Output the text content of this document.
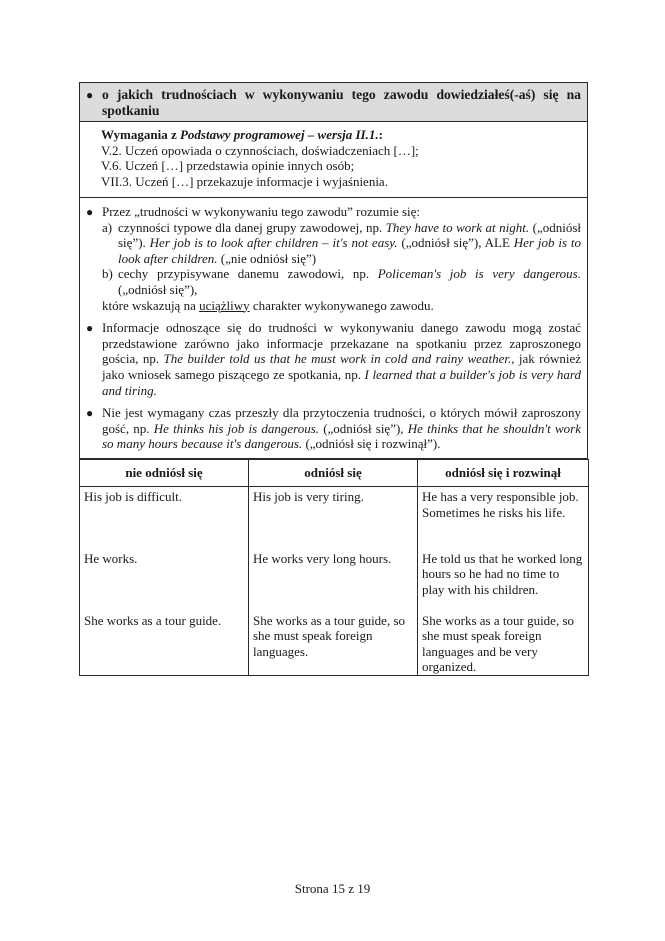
● o jakich trudnościach w wykonywaniu tego zawodu dowiedziałeś(-aś) się na
spotkaniu
Wymagania z Podstawy programowej – wersja II.1.:
V.2. Uczeń opowiada o czynnościach, doświadczeniach […];
V.6. Uczeń […] przedstawia opinie innych osób;
VII.3. Uczeń […] przekazuje informacje i wyjaśnienia.
● Przez „trudności w wykonywaniu tego zawodu” rozumie się:
a) czynności typowe dla danej grupy zawodowej, np. They have to work at night. („odniósł się”). Her job is to look after children – it's not easy. („odniósł się”), ALE Her job is to look after children. („nie odniósł się”)
b) cechy przypisywane danemu zawodowi, np. Policeman's job is very dangerous. („odniósł się”),
które wskazują na uciążliwy charakter wykonywanego zawodu.
● Informacje odnoszące się do trudności w wykonywaniu danego zawodu mogą zostać przedstawione zarówno jako informacje przekazane na spotkaniu przez zaproszonego gościa, np. The builder told us that he must work in cold and rainy weather., jak również jako wniosek samego piszącego ze spotkania, np. I learned that a builder's job is very hard and tiring.
● Nie jest wymagany czas przeszły dla przytoczenia trudności, o których mówił zaproszony gość, np. He thinks his job is dangerous. („odniósł się”), He thinks that he shouldn't work so many hours because it's dangerous. („odniósł się i rozwinął”).
nie odniósł się	odniósł się	odniósł się i rozwinął
His job is difficult.	His job is very tiring.	He has a very responsible job. Sometimes he risks his life.
He works.	He works very long hours.	He told us that he worked long hours so he had no time to play with his children.
She works as a tour guide.	She works as a tour guide, so she must speak foreign languages.	She works as a tour guide, so she must speak foreign languages and be very organized.
Strona 15 z 19
